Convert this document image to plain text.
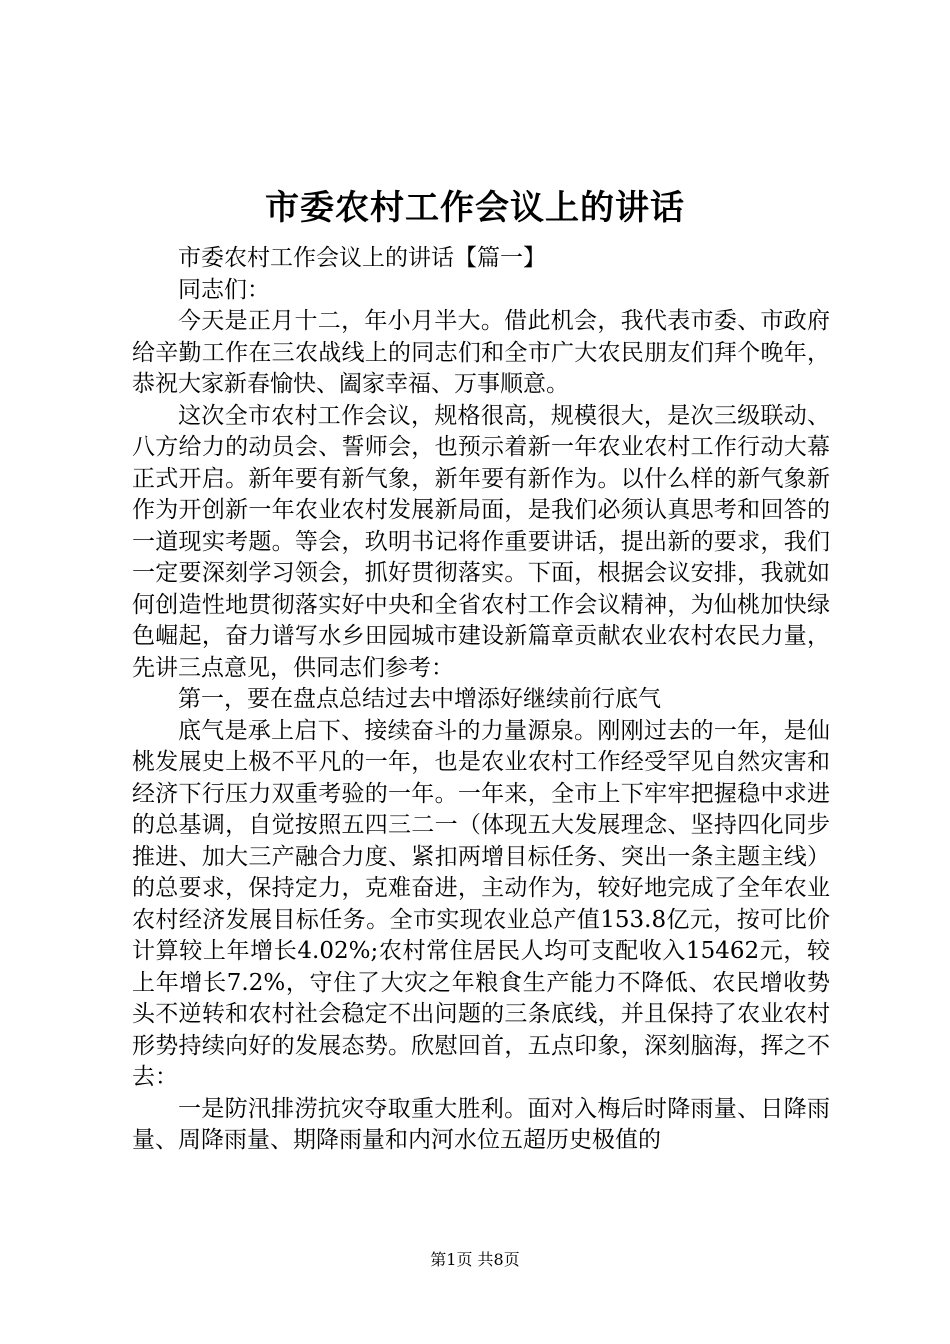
市委农村工作会议上的讲话

市委农村工作会议上的讲话【篇一】

同志们：

今天是正月十二，年小月半大。借此机会，我代表市委、市政府给辛勤工作在三农战线上的同志们和全市广大农民朋友们拜个晚年，恭祝大家新春愉快、阖家幸福、万事顺意。

这次全市农村工作会议，规格很高，规模很大，是次三级联动、八方给力的动员会、誓师会，也预示着新一年农业农村工作行动大幕正式开启。新年要有新气象，新年要有新作为。以什么样的新气象新作为开创新一年农业农村发展新局面，是我们必须认真思考和回答的一道现实考题。等会，玖明书记将作重要讲话，提出新的要求，我们一定要深刻学习领会，抓好贯彻落实。下面，根据会议安排，我就如何创造性地贯彻落实好中央和全省农村工作会议精神，为仙桃加快绿色崛起，奋力谱写水乡田园城市建设新篇章贡献农业农村农民力量，先讲三点意见，供同志们参考：

第一，要在盘点总结过去中增添好继续前行底气

底气是承上启下、接续奋斗的力量源泉。刚刚过去的一年，是仙桃发展史上极不平凡的一年，也是农业农村工作经受罕见自然灾害和经济下行压力双重考验的一年。一年来，全市上下牢牢把握稳中求进的总基调，自觉按照五四三二一（体现五大发展理念、坚持四化同步推进、加大三产融合力度、紧扣两增目标任务、突出一条主题主线）的总要求，保持定力，克难奋进，主动作为，较好地完成了全年农业农村经济发展目标任务。全市实现农业总产值153.8亿元，按可比价计算较上年增长4.02%;农村常住居民人均可支配收入15462元，较上年增长7.2%，守住了大灾之年粮食生产能力不降低、农民增收势头不逆转和农村社会稳定不出问题的三条底线，并且保持了农业农村形势持续向好的发展态势。欣慰回首，五点印象，深刻脑海，挥之不去：

一是防汛排涝抗灾夺取重大胜利。面对入梅后时降雨量、日降雨量、周降雨量、期降雨量和内河水位五超历史极值的

第1页 共8页
